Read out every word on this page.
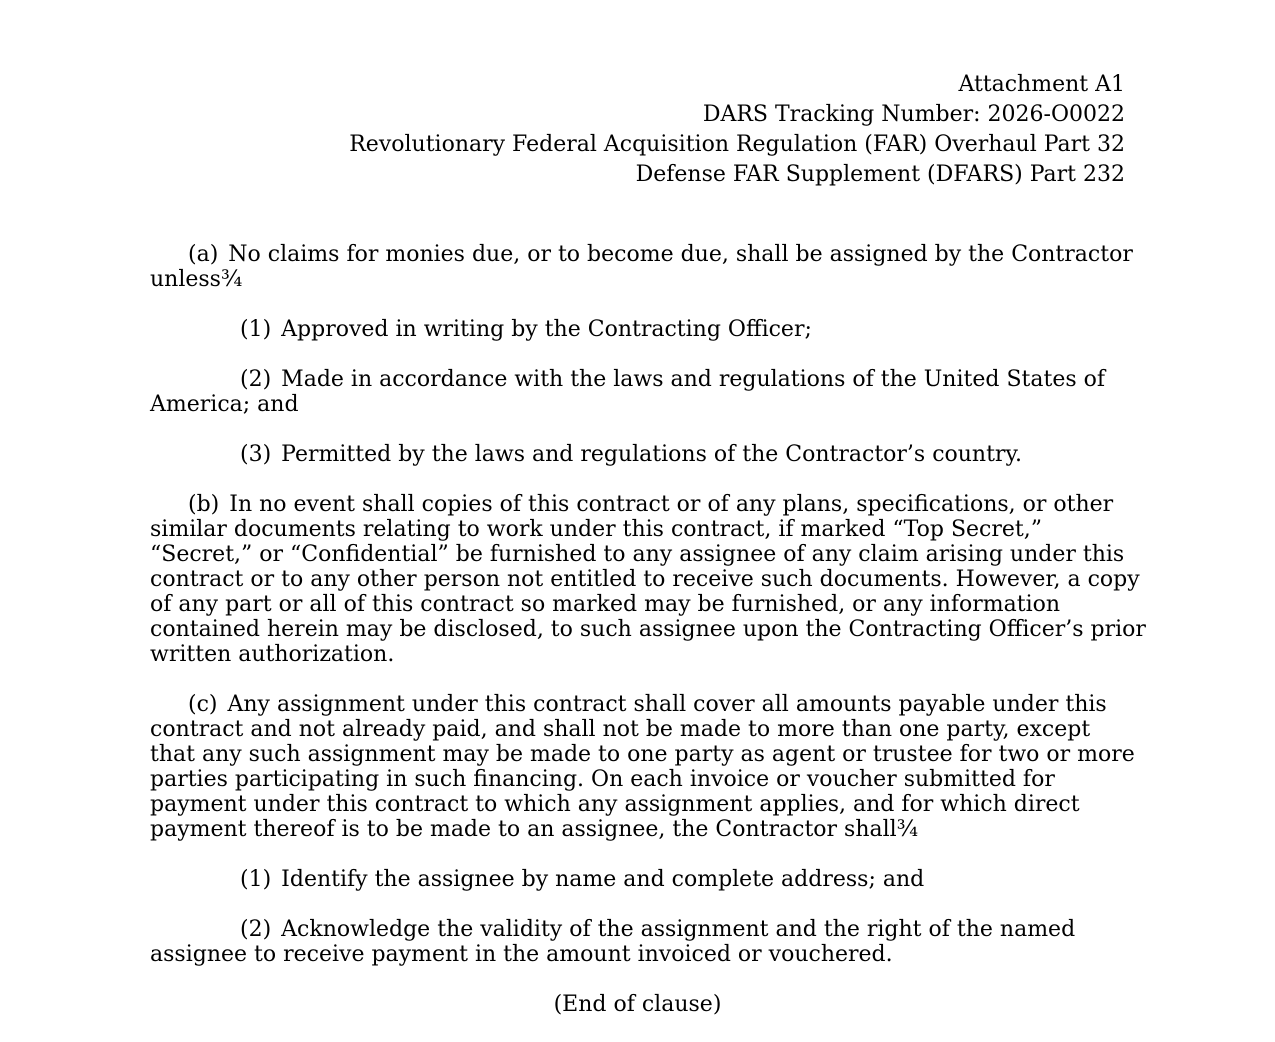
Attachment A1
DARS Tracking Number: 2026-O0022
Revolutionary Federal Acquisition Regulation (FAR) Overhaul Part 32
Defense FAR Supplement (DFARS) Part 232
(a) No claims for monies due, or to become due, shall be assigned by the Contractor
unless¾
(1) Approved in writing by the Contracting Officer;
(2) Made in accordance with the laws and regulations of the United States of
America; and
(3) Permitted by the laws and regulations of the Contractor’s country.
(b) In no event shall copies of this contract or of any plans, specifications, or other
similar documents relating to work under this contract, if marked “Top Secret,”
“Secret,” or “Confidential” be furnished to any assignee of any claim arising under this
contract or to any other person not entitled to receive such documents. However, a copy
of any part or all of this contract so marked may be furnished, or any information
contained herein may be disclosed, to such assignee upon the Contracting Officer’s prior
written authorization.
(c) Any assignment under this contract shall cover all amounts payable under this
contract and not already paid, and shall not be made to more than one party, except
that any such assignment may be made to one party as agent or trustee for two or more
parties participating in such financing. On each invoice or voucher submitted for
payment under this contract to which any assignment applies, and for which direct
payment thereof is to be made to an assignee, the Contractor shall¾
(1) Identify the assignee by name and complete address; and
(2) Acknowledge the validity of the assignment and the right of the named
assignee to receive payment in the amount invoiced or vouchered.
(End of clause)
